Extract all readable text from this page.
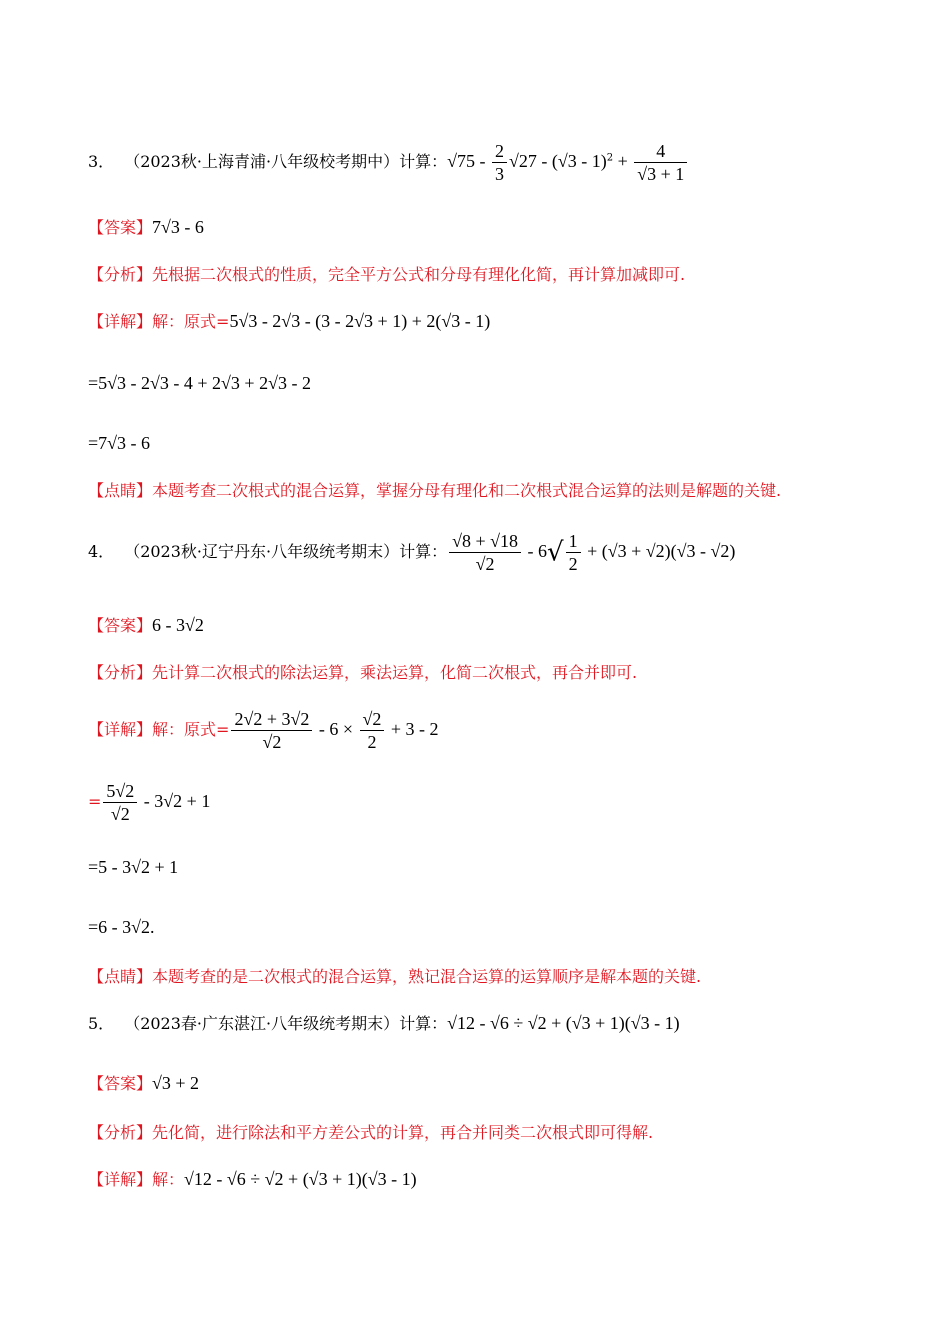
3． （2023秋·上海青浦·八年级校考期中）计算：$√75 - \frac{2}{3} √27 - (√3 - 1)^2 + \frac{4}{√3 + 1}$
【答案】7√3 - 6
【分析】先根据二次根式的性质，完全平方公式和分母有理化化简，再计算加减即可.
【详解】解：原式=5√3 - 2√3 - (3 - 2√3 + 1) + 2(√3 - 1)
=5√3 - 2√3 - 4 + 2√3 + 2√3 - 2
=7√3 - 6
【点睛】本题考查二次根式的混合运算，掌握分母有理化和二次根式混合运算的法则是解题的关键.
4． （2023秋·辽宁丹东·八年级统考期末）计算： $\frac{√8 + √18}{√2} - 6√ \frac{1}{2} + (√3 + √2)(√3 - √2)$
【答案】6 - 3√2
【分析】先计算二次根式的除法运算，乘法运算，化简二次根式，再合并即可.
【详解】解：原式= $\frac{2√2 + 3√2}{√2} - 6 \times \frac{√2}{2} + 3 - 2$
= $\frac{5√2}{√2} - 3√2 + 1$
=5 - 3√2 + 1
=6 - 3√2.
【点睛】本题考查的是二次根式的混合运算，熟记混合运算的运算顺序是解本题的关键.
5． （2023春·广东湛江·八年级统考期末）计算：√12 - √6 ÷ √2 + (√3 + 1)(√3 - 1)
【答案】√3 + 2
【分析】先化简，进行除法和平方差公式的计算，再合并同类二次根式即可得解.
【详解】解：√12 - √6 ÷ √2 + (√3 + 1)(√3 - 1)
